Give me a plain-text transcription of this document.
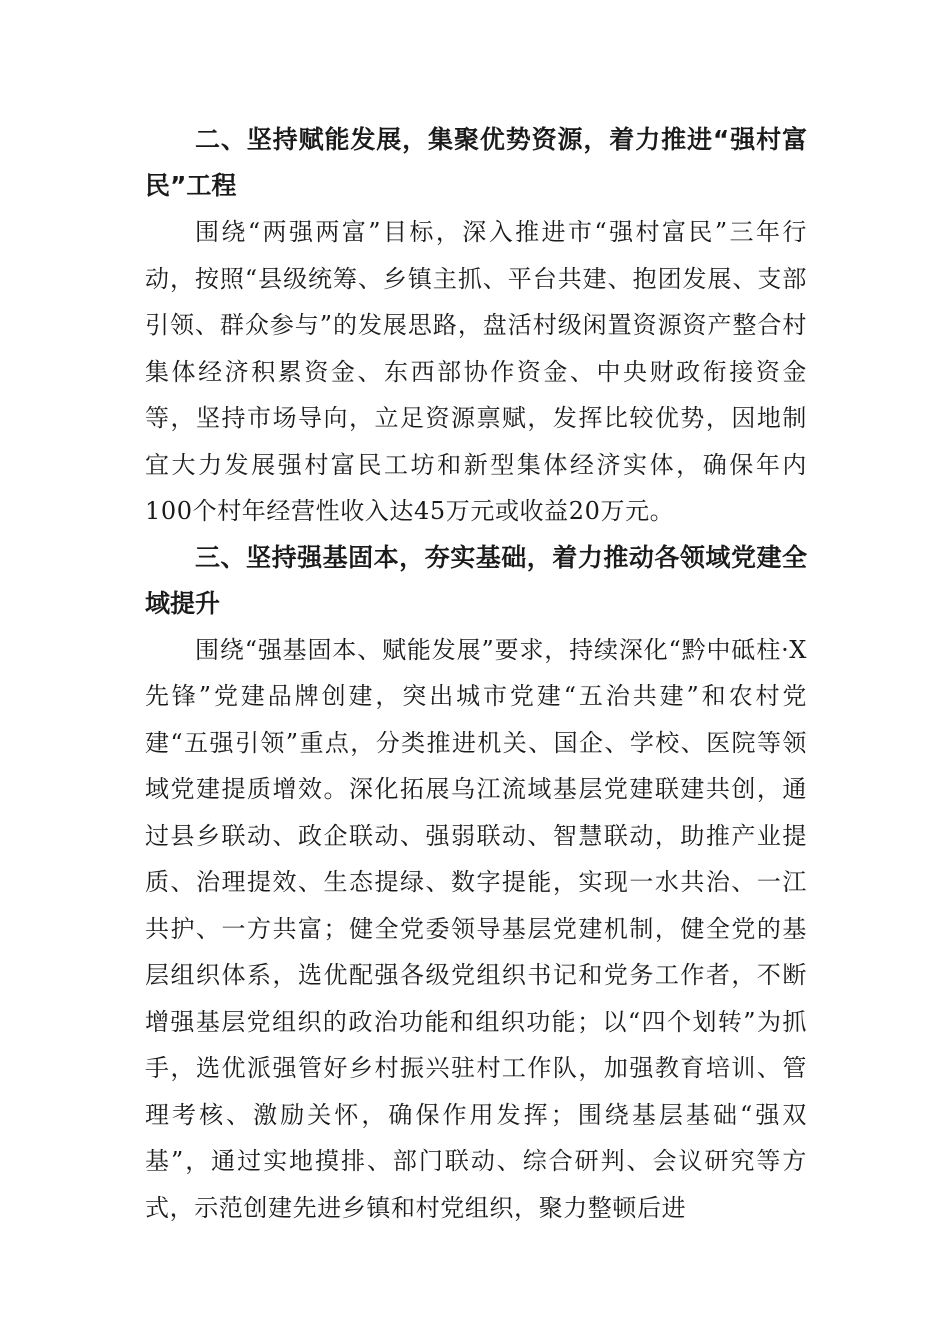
二、坚持赋能发展，集聚优势资源，着力推进“强村富民”工程

围绕“两强两富”目标，深入推进市“强村富民”三年行动，按照“县级统筹、乡镇主抓、平台共建、抱团发展、支部引领、群众参与”的发展思路，盘活村级闲置资源资产整合村集体经济积累资金、东西部协作资金、中央财政衔接资金等，坚持市场导向，立足资源禀赋，发挥比较优势，因地制宜大力发展强村富民工坊和新型集体经济实体，确保年内100个村年经营性收入达45万元或收益20万元。

三、坚持强基固本，夯实基础，着力推动各领域党建全域提升

围绕“强基固本、赋能发展”要求，持续深化“黔中砥柱·X先锋”党建品牌创建，突出城市党建“五治共建”和农村党建“五强引领”重点，分类推进机关、国企、学校、医院等领域党建提质增效。深化拓展乌江流域基层党建联建共创，通过县乡联动、政企联动、强弱联动、智慧联动，助推产业提质、治理提效、生态提绿、数字提能，实现一水共治、一江共护、一方共富；健全党委领导基层党建机制，健全党的基层组织体系，选优配强各级党组织书记和党务工作者，不断增强基层党组织的政治功能和组织功能；以“四个划转”为抓手，选优派强管好乡村振兴驻村工作队，加强教育培训、管理考核、激励关怀，确保作用发挥；围绕基层基础“强双基”，通过实地摸排、部门联动、综合研判、会议研究等方式，示范创建先进乡镇和村党组织，聚力整顿后进
